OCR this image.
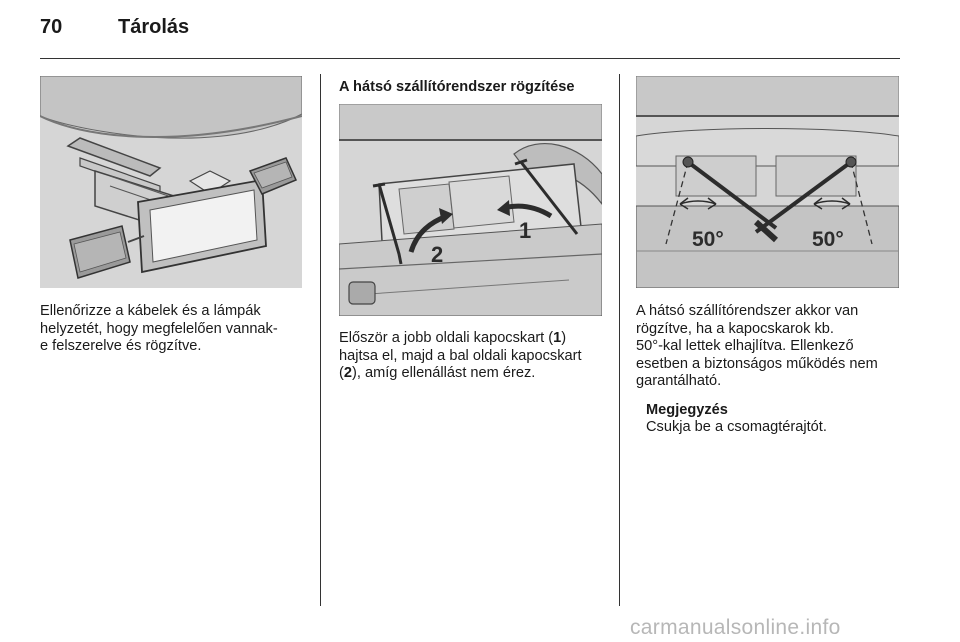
70	Tárolás
Ellenőrizze a kábelek és a lámpák
helyzetét, hogy megfelelően vannak-
e felszerelve és rögzítve.
A hátsó szállítórendszer rögzítése
2
1
Először a jobb oldali kapocskart (1)
hajtsa el, majd a bal oldali kapocskart
(2), amíg ellenállást nem érez.
50°	50°
A hátsó szállítórendszer akkor van
rögzítve, ha a kapocskarok kb.
50°-kal lettek elhajlítva. Ellenkező
esetben a biztonságos működés nem
garantálható.
Megjegyzés
Csukja be a csomagtérajtót.
carmanualsonline.info
